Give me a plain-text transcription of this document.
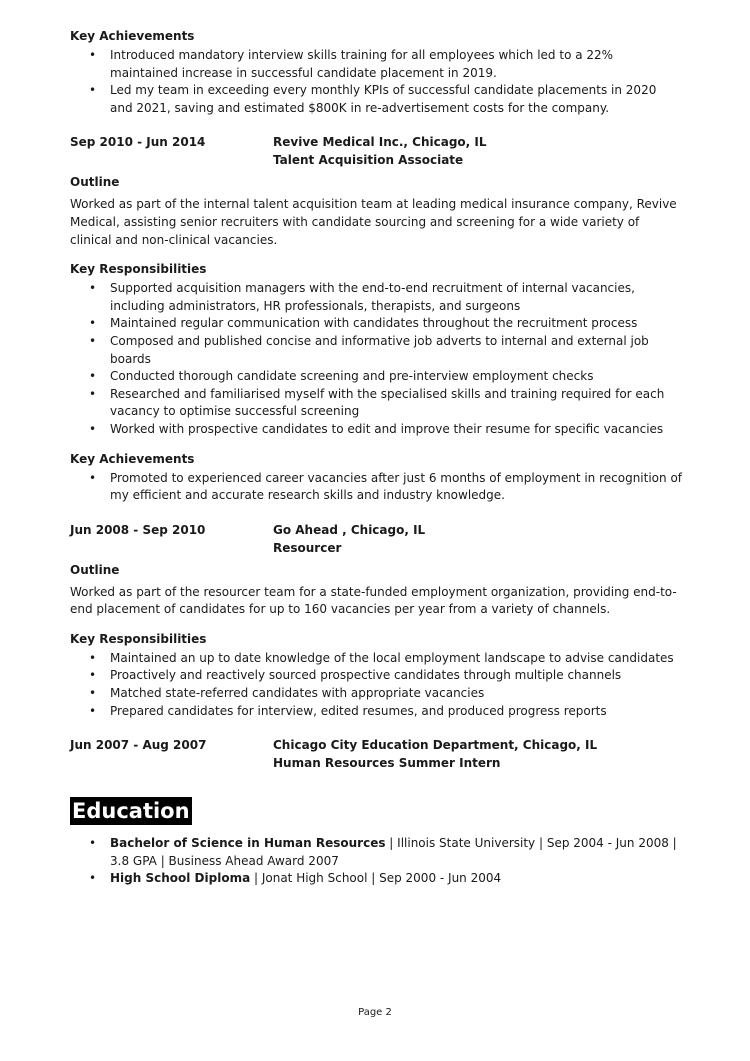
Key Achievements

• Introduced mandatory interview skills training for all employees which led to a 22% maintained increase in successful candidate placement in 2019.
• Led my team in exceeding every monthly KPIs of successful candidate placements in 2020 and 2021, saving and estimated $800K in re-advertisement costs for the company.
Sep 2010 - Jun 2014	Revive Medical Inc., Chicago, IL
Talent Acquisition Associate

Outline

Worked as part of the internal talent acquisition team at leading medical insurance company, Revive Medical, assisting senior recruiters with candidate sourcing and screening for a wide variety of clinical and non-clinical vacancies.

Key Responsibilities

• Supported acquisition managers with the end-to-end recruitment of internal vacancies, including administrators, HR professionals, therapists, and surgeons
• Maintained regular communication with candidates throughout the recruitment process
• Composed and published concise and informative job adverts to internal and external job boards
• Conducted thorough candidate screening and pre-interview employment checks
• Researched and familiarised myself with the specialised skills and training required for each vacancy to optimise successful screening
• Worked with prospective candidates to edit and improve their resume for specific vacancies

Key Achievements

• Promoted to experienced career vacancies after just 6 months of employment in recognition of my efficient and accurate research skills and industry knowledge.
Jun 2008 - Sep 2010	Go Ahead , Chicago, IL
Resourcer

Outline

Worked as part of the resourcer team for a state-funded employment organization, providing end-to-end placement of candidates for up to 160 vacancies per year from a variety of channels.

Key Responsibilities

• Maintained an up to date knowledge of the local employment landscape to advise candidates
• Proactively and reactively sourced prospective candidates through multiple channels
• Matched state-referred candidates with appropriate vacancies
• Prepared candidates for interview, edited resumes, and produced progress reports
Jun 2007 - Aug 2007	Chicago City Education Department, Chicago, IL
Human Resources Summer Intern
Education
• Bachelor of Science in Human Resources | Illinois State University | Sep 2004 - Jun 2008 | 3.8 GPA | Business Ahead Award 2007
• High School Diploma | Jonat High School | Sep 2000 - Jun 2004
Page 2
